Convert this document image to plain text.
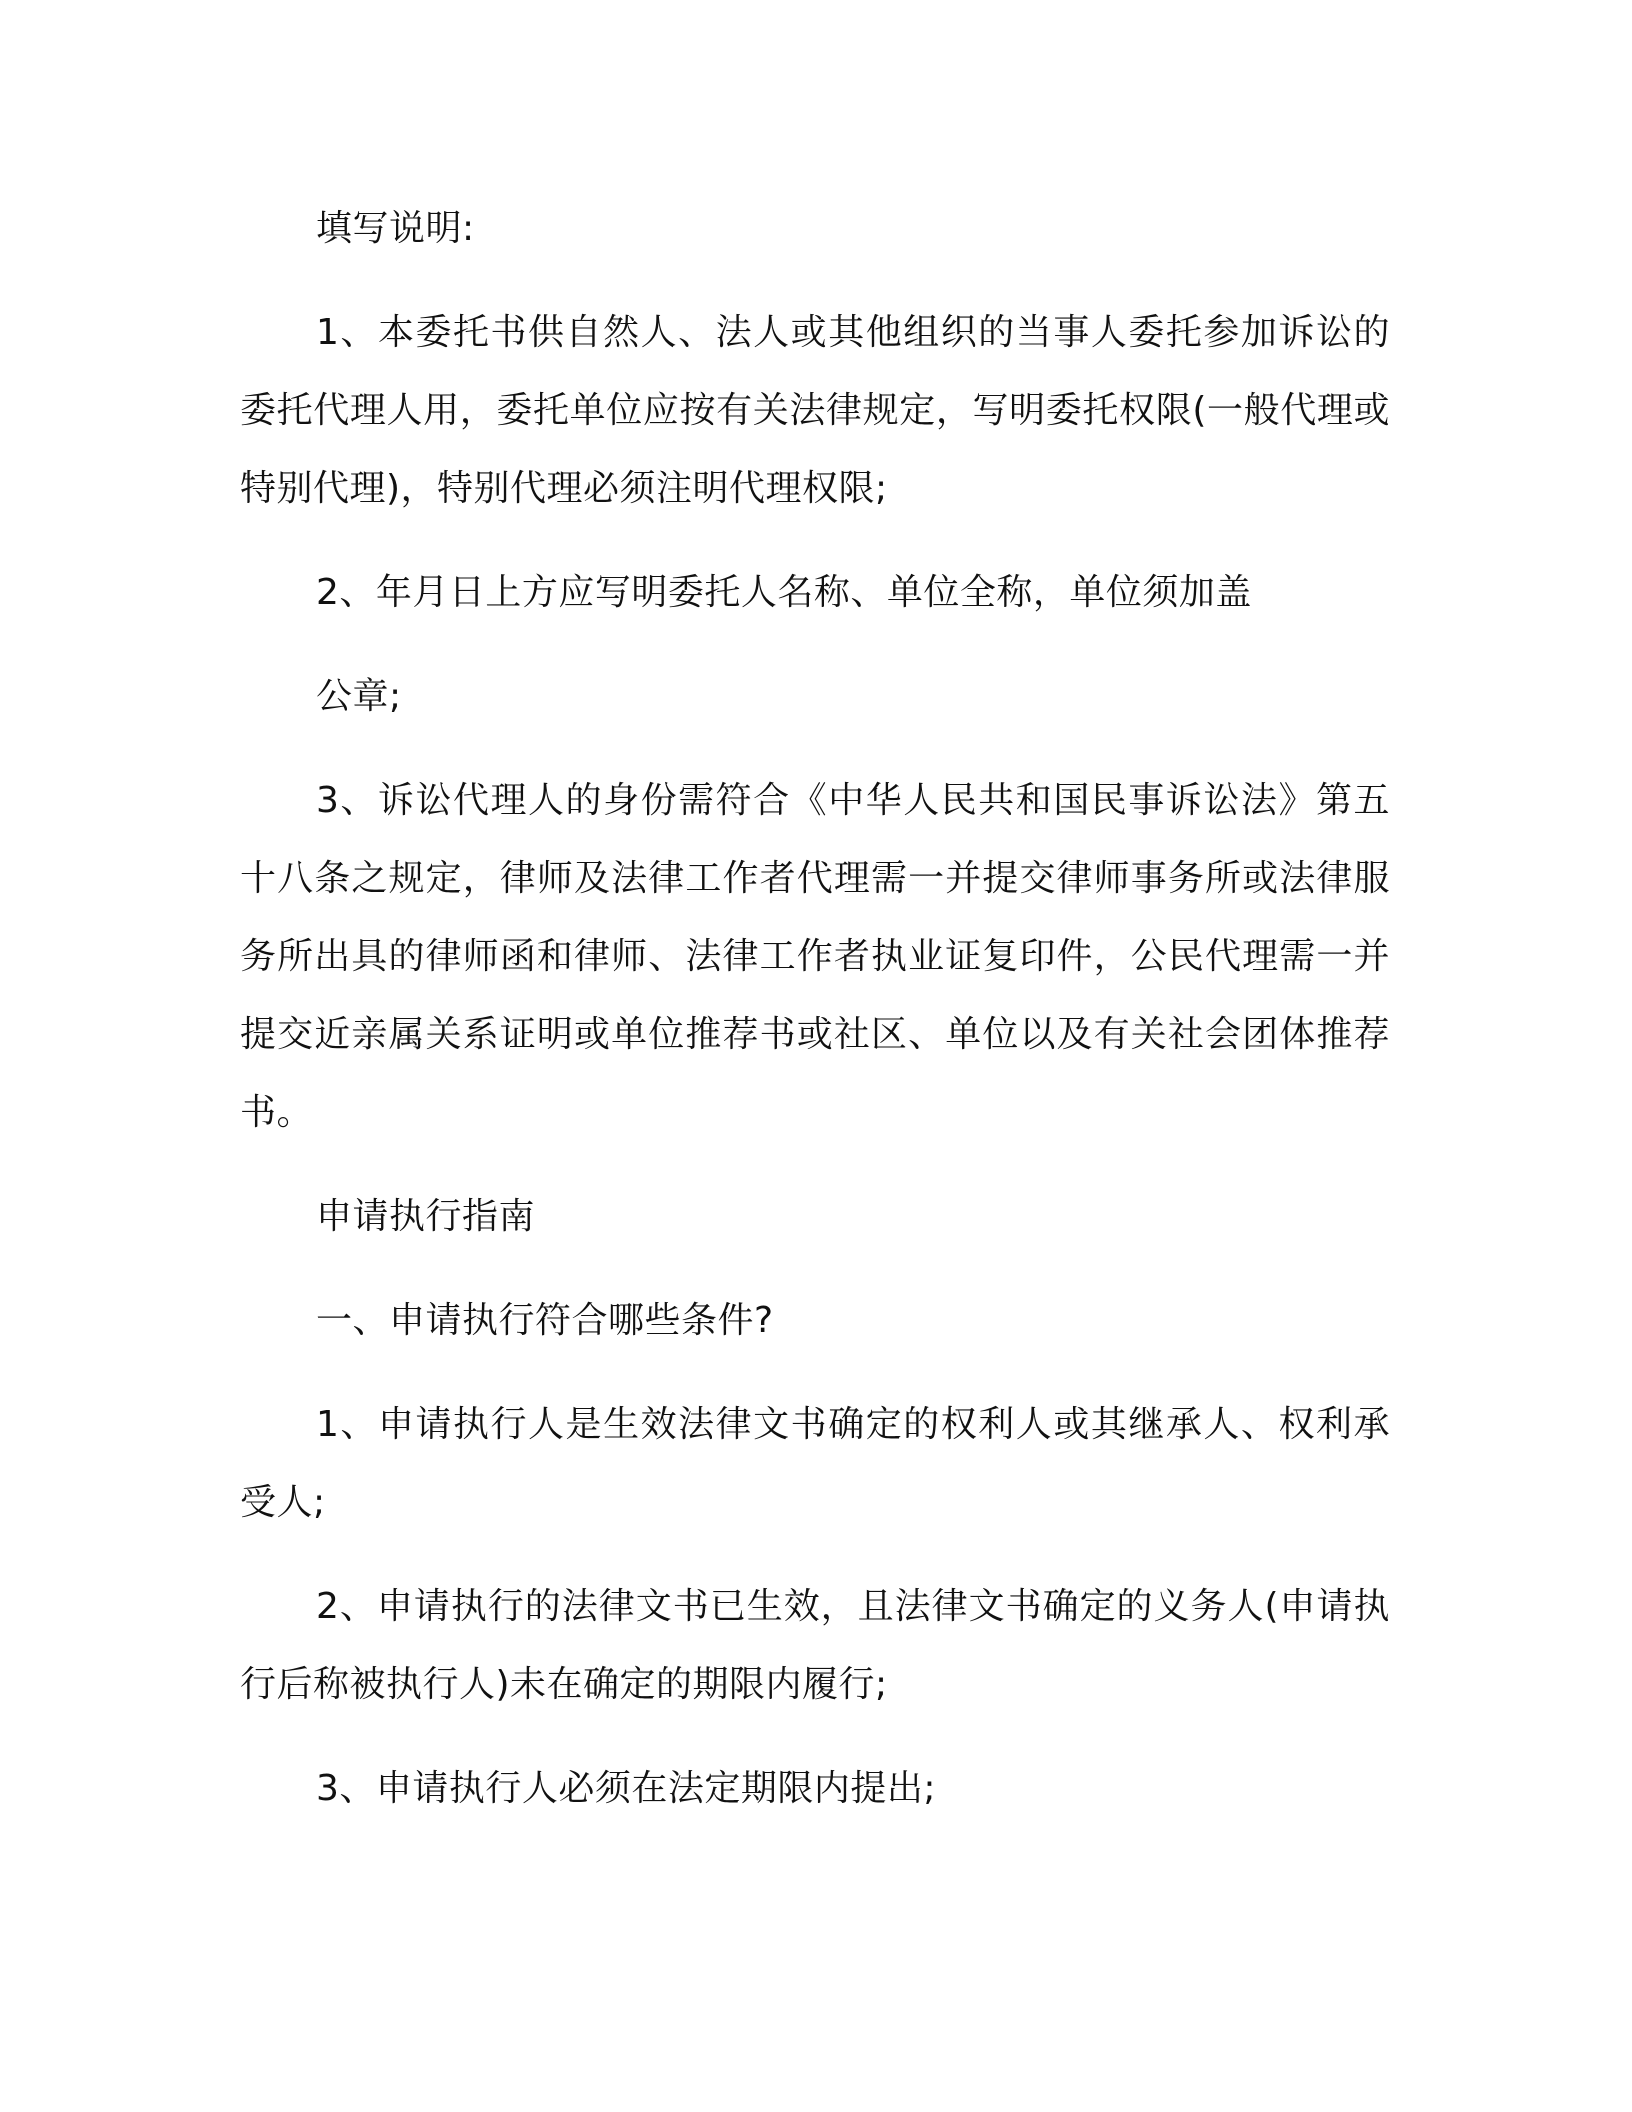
填写说明:

1、本委托书供自然人、法人或其他组织的当事人委托参加诉讼的委托代理人用，委托单位应按有关法律规定，写明委托权限(一般代理或特别代理)，特别代理必须注明代理权限;

2、年月日上方应写明委托人名称、单位全称，单位须加盖

公章;

3、诉讼代理人的身份需符合《中华人民共和国民事诉讼法》第五十八条之规定，律师及法律工作者代理需一并提交律师事务所或法律服务所出具的律师函和律师、法律工作者执业证复印件，公民代理需一并提交近亲属关系证明或单位推荐书或社区、单位以及有关社会团体推荐书。

申请执行指南

一、申请执行符合哪些条件?

1、申请执行人是生效法律文书确定的权利人或其继承人、权利承受人;

2、申请执行的法律文书已生效，且法律文书确定的义务人(申请执行后称被执行人)未在确定的期限内履行;

3、申请执行人必须在法定期限内提出;
